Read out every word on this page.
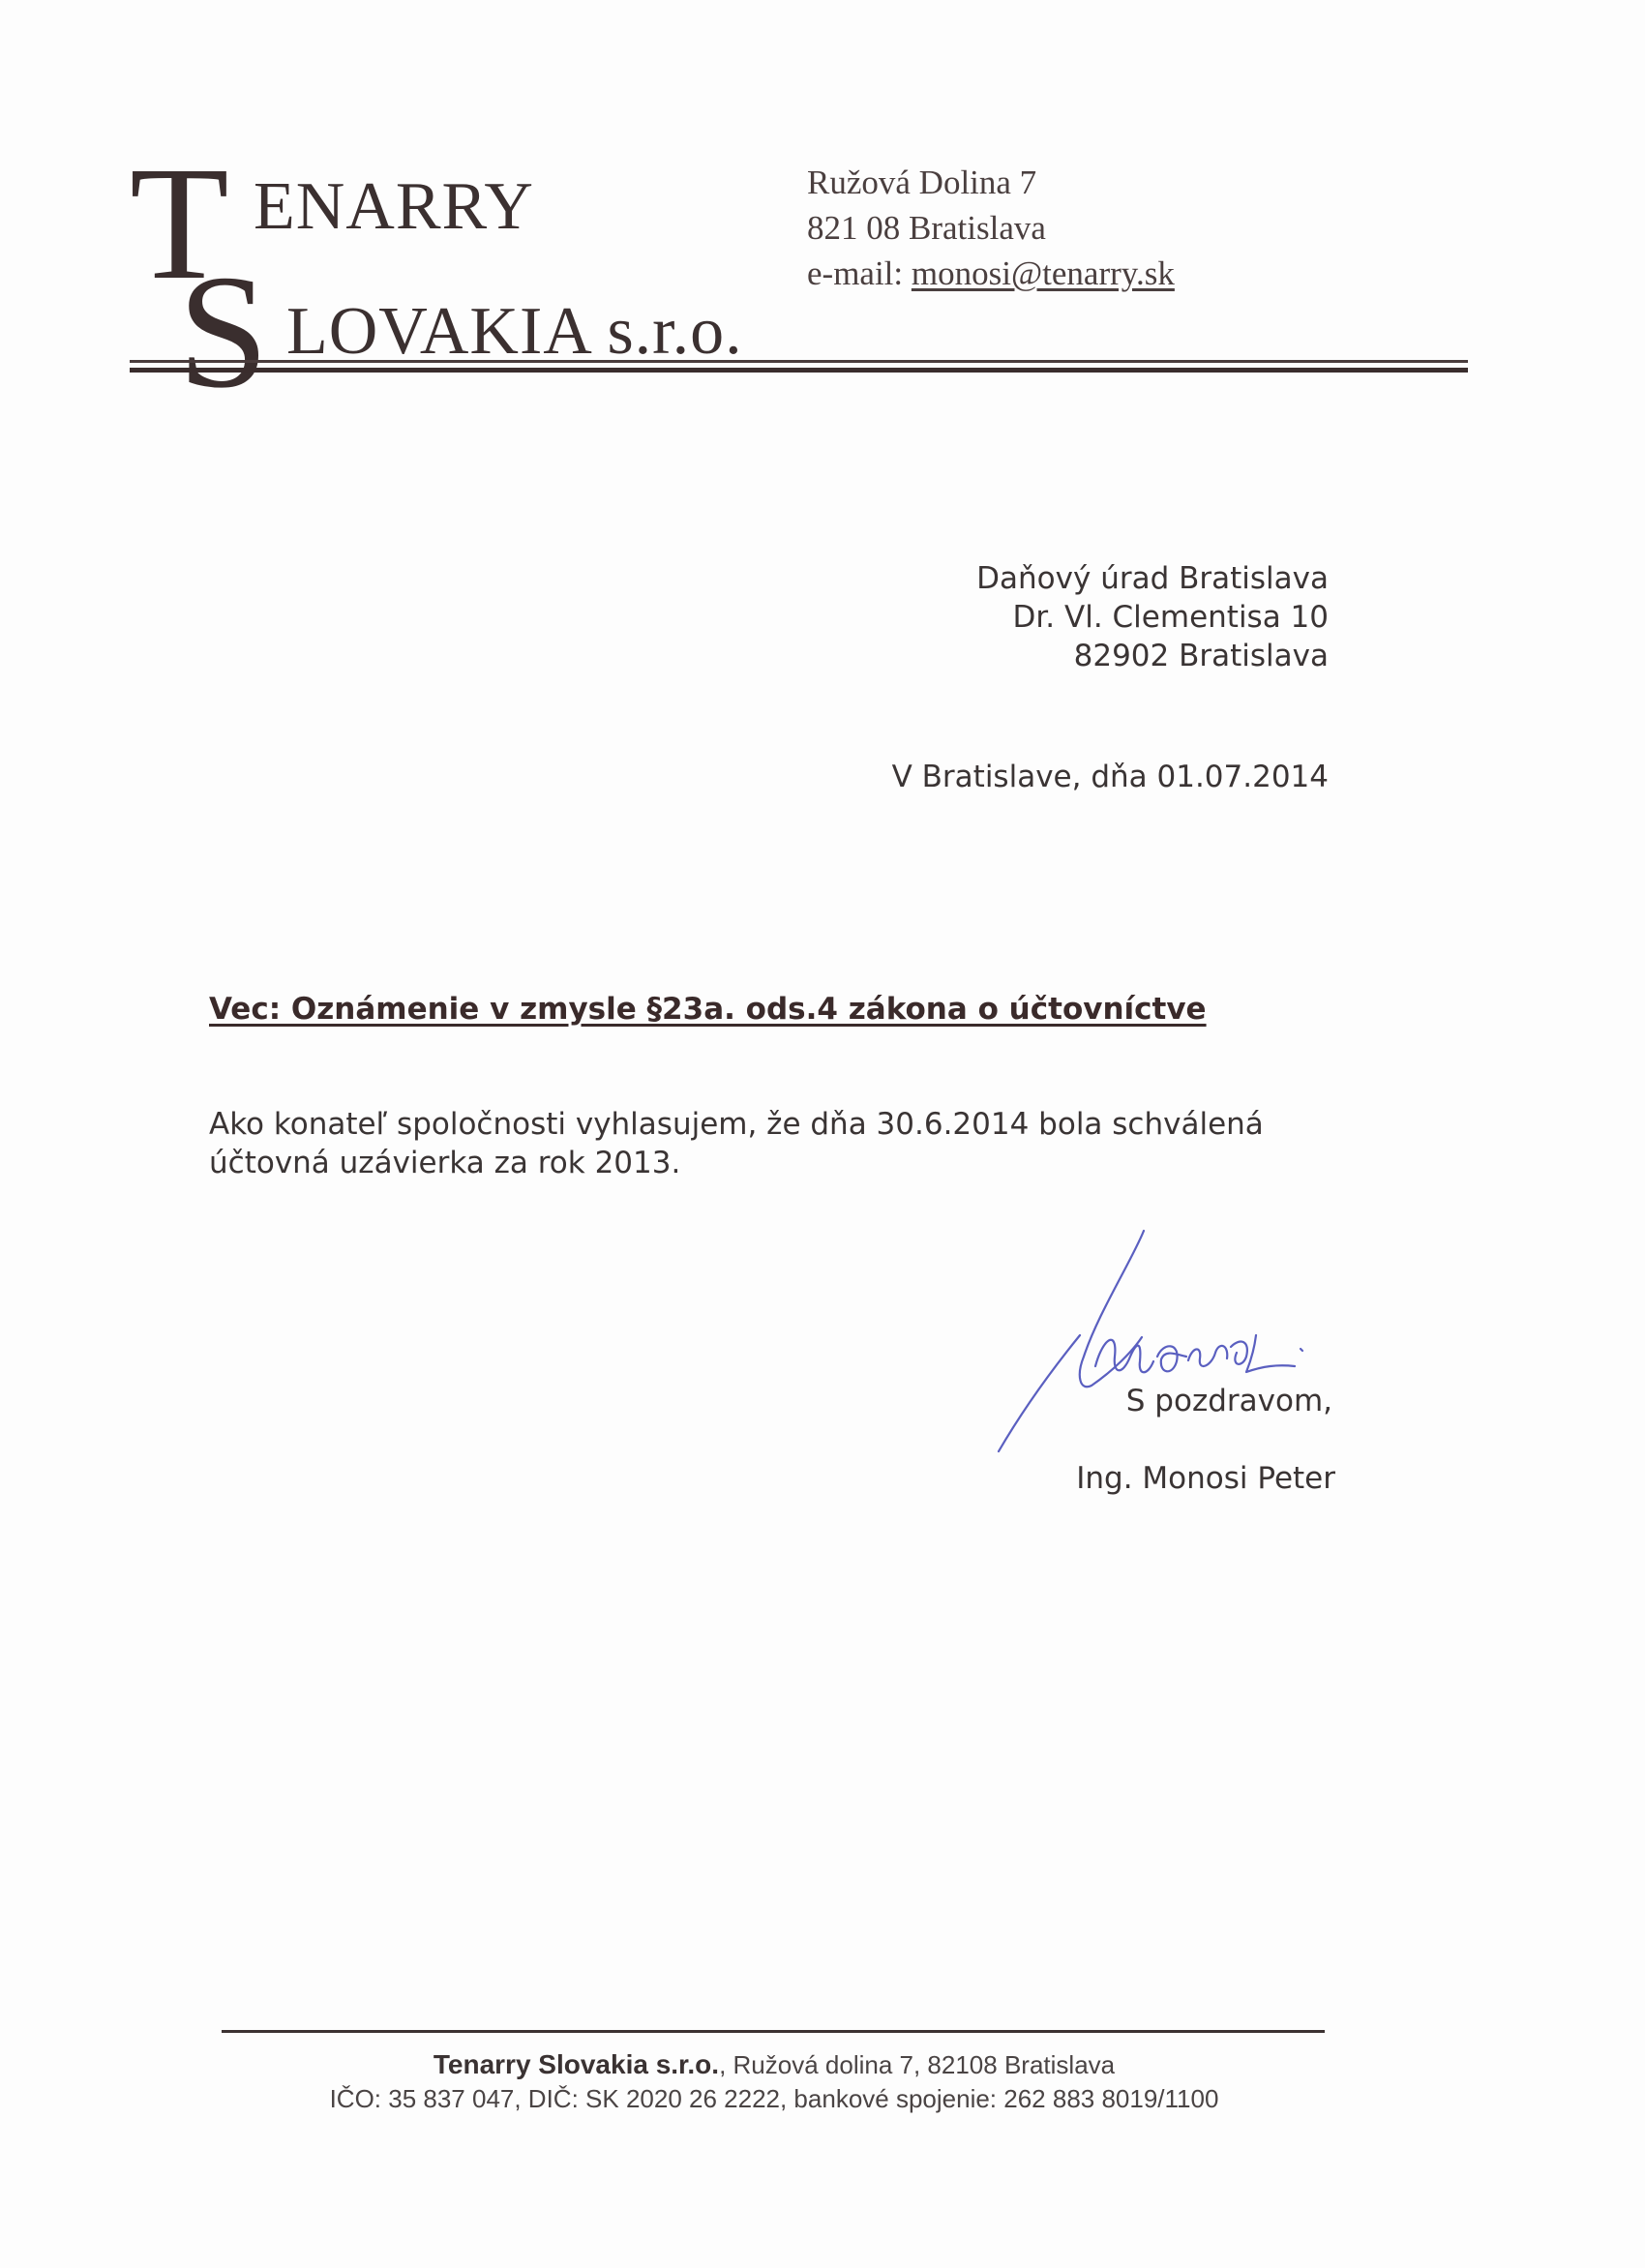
T ENARRY
S LOVAKIA s.r.o.
Ružová Dolina 7
821 08 Bratislava
e-mail: monosi@tenarry.sk
Daňový úrad Bratislava
Dr. Vl. Clementisa 10
82902 Bratislava
V Bratislave, dňa 01.07.2014
Vec: Oznámenie v zmysle §23a. ods.4 zákona o účtovníctve
Ako konateľ spoločnosti vyhlasujem, že dňa 30.6.2014 bola schválená
účtovná uzávierka za rok 2013.
S pozdravom,
Ing. Monosi Peter
Tenarry Slovakia s.r.o., Ružová dolina 7, 82108 Bratislava
IČO: 35 837 047, DIČ: SK 2020 26 2222, bankové spojenie: 262 883 8019/1100
